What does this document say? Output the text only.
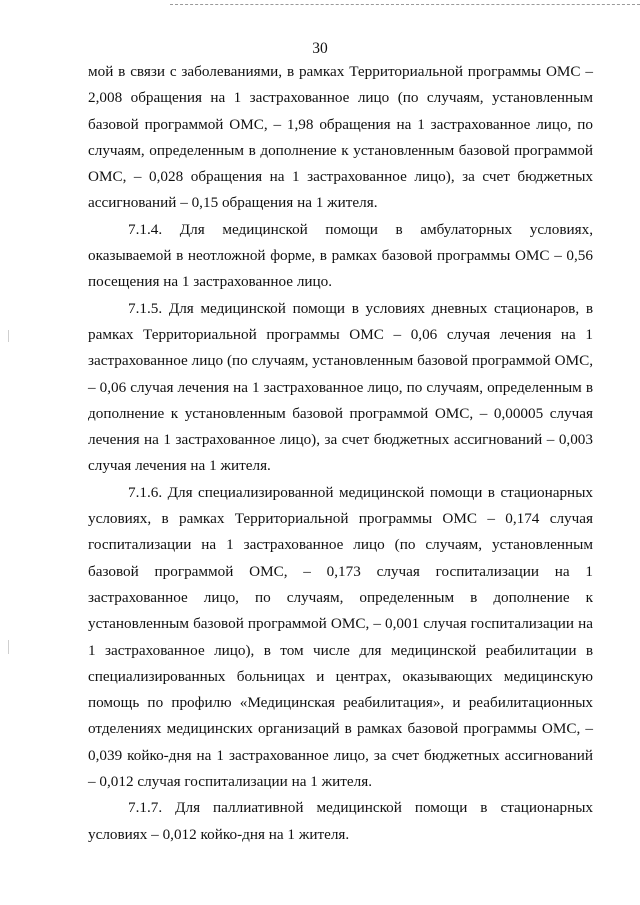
30

мой в связи с заболеваниями, в рамках Территориальной программы ОМС – 2,008 обращения на 1 застрахованное лицо (по случаям, установленным базовой программой ОМС, – 1,98 обращения на 1 застрахованное лицо, по случаям, определенным в дополнение к установленным базовой программой ОМС, – 0,028 обращения на 1 застрахованное лицо), за счет бюджетных ассигнований – 0,15 обращения на 1 жителя.

7.1.4. Для медицинской помощи в амбулаторных условиях, оказываемой в неотложной форме, в рамках базовой программы ОМС – 0,56 посещения на 1 застрахованное лицо.

7.1.5. Для медицинской помощи в условиях дневных стационаров, в рамках Территориальной программы ОМС – 0,06 случая лечения на 1 застрахованное лицо (по случаям, установленным базовой программой ОМС, – 0,06 случая лечения на 1 застрахованное лицо, по случаям, определенным в дополнение к установленным базовой программой ОМС, – 0,00005 случая лечения на 1 застрахованное лицо), за счет бюджетных ассигнований – 0,003 случая лечения на 1 жителя.

7.1.6. Для специализированной медицинской помощи в стационарных условиях, в рамках Территориальной программы ОМС – 0,174 случая госпитализации на 1 застрахованное лицо (по случаям, установленным базовой программой ОМС, – 0,173 случая госпитализации на 1 застрахованное лицо, по случаям, определенным в дополнение к установленным базовой программой ОМС, – 0,001 случая госпитализации на 1 застрахованное лицо), в том числе для медицинской реабилитации в специализированных больницах и центрах, оказывающих медицинскую помощь по профилю «Медицинская реабилитация», и реабилитационных отделениях медицинских организаций в рамках базовой программы ОМС, – 0,039 койко-дня на 1 застрахованное лицо, за счет бюджетных ассигнований – 0,012 случая госпитализации на 1 жителя.

7.1.7. Для паллиативной медицинской помощи в стационарных условиях – 0,012 койко-дня на 1 жителя.
